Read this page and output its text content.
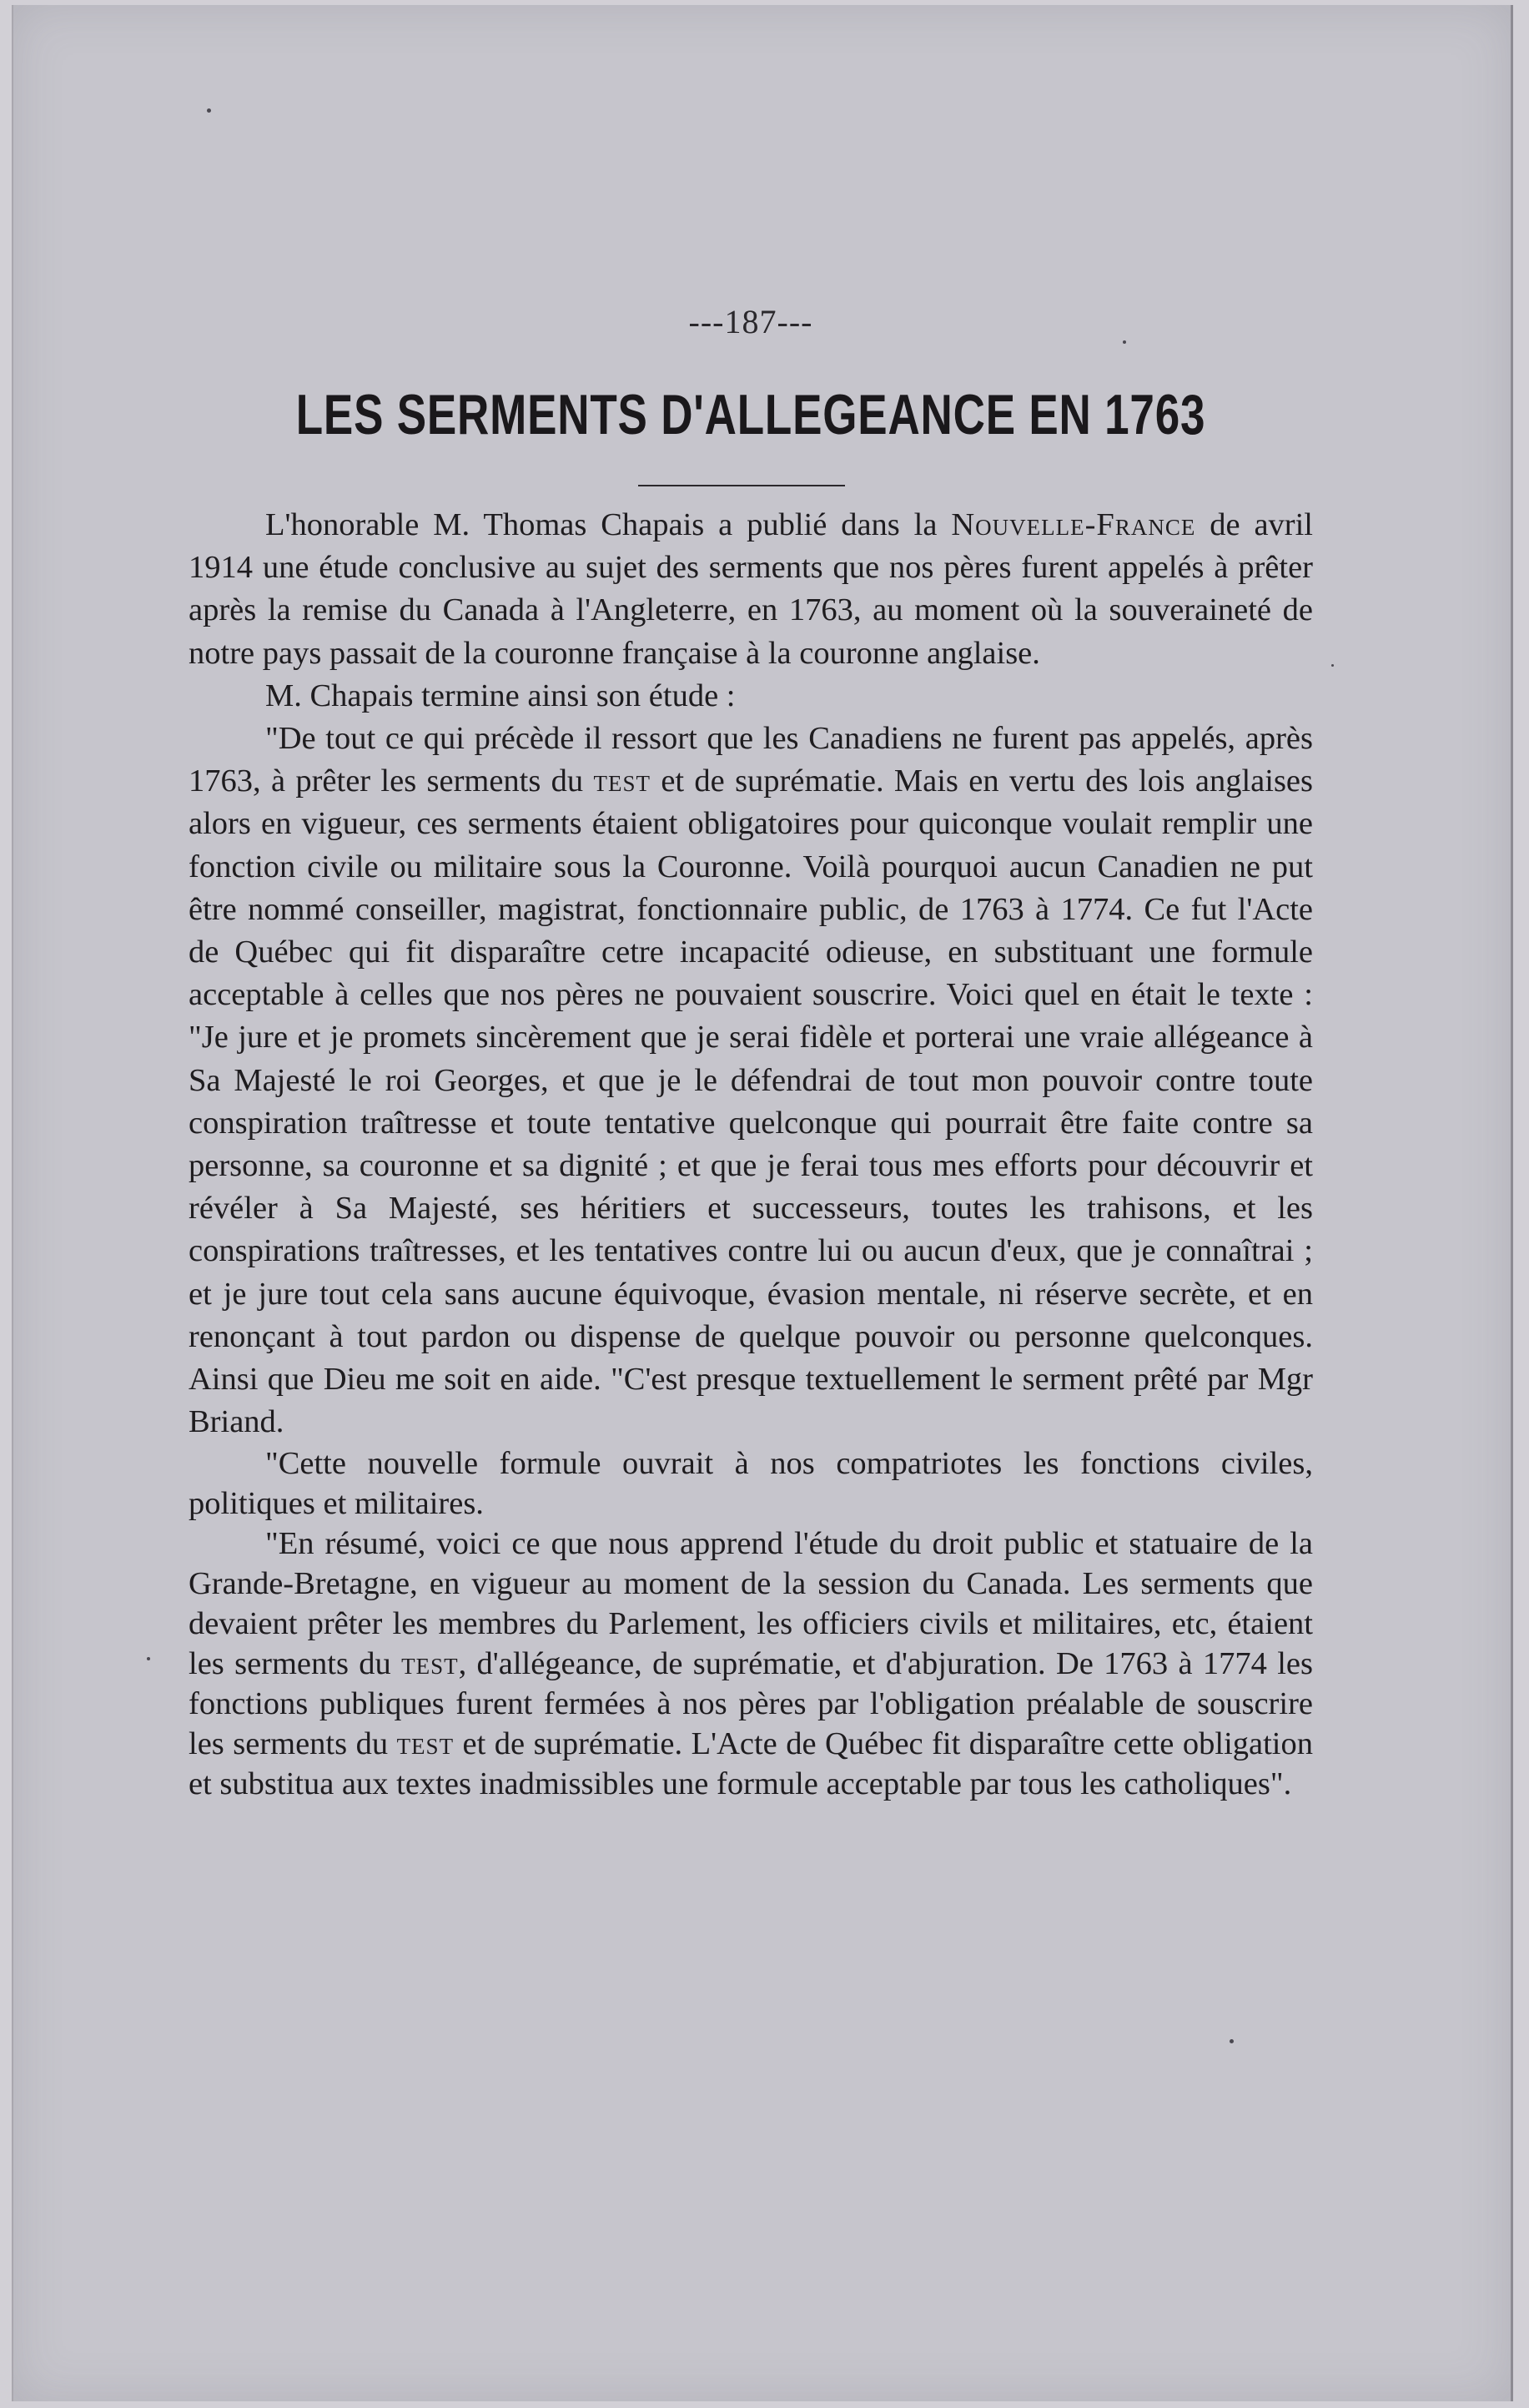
---187---
LES SERMENTS D'ALLEGEANCE EN 1763

L'honorable M. Thomas Chapais a publié dans la Nouvelle-France de avril 1914 une étude conclusive au sujet des serments que nos pères furent appelés à prêter après la remise du Canada à l'Angleterre, en 1763, au moment où la souveraineté de notre pays passait de la couronne française à la couronne anglaise.

M. Chapais termine ainsi son étude :

"De tout ce qui précède il ressort que les Canadiens ne furent pas appelés, après 1763, à prêter les serments du test et de suprématie. Mais en vertu des lois anglaises alors en vigueur, ces serments étaient obligatoires pour quiconque voulait remplir une fonction civile ou militaire sous la Couronne. Voilà pourquoi aucun Canadien ne put être nommé conseiller, magistrat, fonctionnaire public, de 1763 à 1774. Ce fut l'Acte de Québec qui fit disparaître cetre incapacité odieuse, en substituant une formule acceptable à celles que nos pères ne pouvaient souscrire. Voici quel en était le texte : "Je jure et je promets sincèrement que je serai fidèle et porterai une vraie allégeance à Sa Majesté le roi Georges, et que je le défendrai de tout mon pouvoir contre toute conspiration traîtresse et toute tentative quelconque qui pourrait être faite contre sa personne, sa couronne et sa dignité ; et que je ferai tous mes efforts pour découvrir et révéler à Sa Majesté, ses héritiers et successeurs, toutes les trahisons, et les conspirations traîtresses, et les tentatives contre lui ou aucun d'eux, que je connaîtrai ; et je jure tout cela sans aucune équivoque, évasion mentale, ni réserve secrète, et en renonçant à tout pardon ou dispense de quelque pouvoir ou personne quelconques. Ainsi que Dieu me soit en aide. "C'est presque textuellement le serment prêté par Mgr Briand.

"Cette nouvelle formule ouvrait à nos compatriotes les fonctions civiles, politiques et militaires.

"En résumé, voici ce que nous apprend l'étude du droit public et statuaire de la Grande-Bretagne, en vigueur au moment de la session du Canada. Les serments que devaient prêter les membres du Parlement, les officiers civils et militaires, etc, étaient les serments du test, d'allégeance, de suprématie, et d'abjuration. De 1763 à 1774 les fonctions publiques furent fermées à nos pères par l'obligation préalable de souscrire les serments du test et de suprématie. L'Acte de Québec fit disparaître cette obligation et substitua aux textes inadmissibles une formule acceptable par tous les catholiques".
